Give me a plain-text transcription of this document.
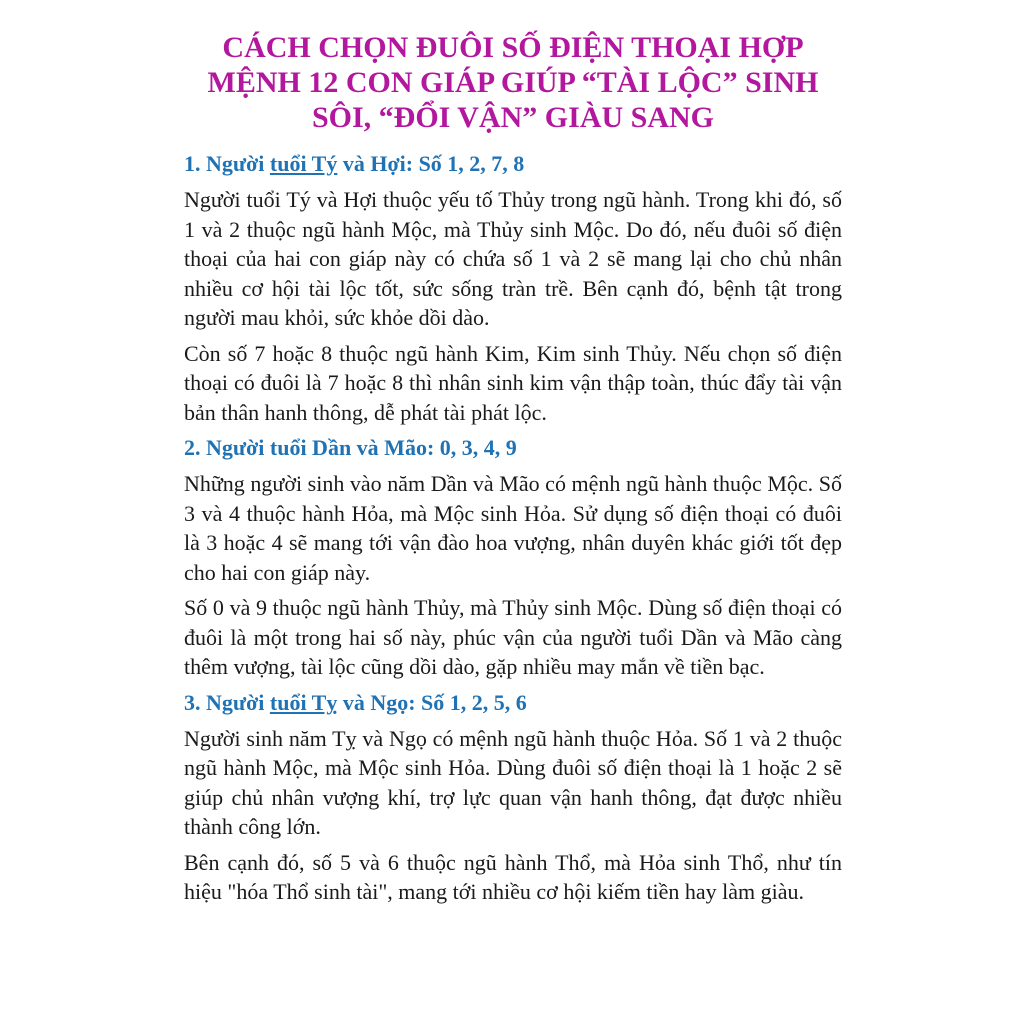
CÁCH CHỌN ĐUÔI SỐ ĐIỆN THOẠI HỢP MỆNH 12 CON GIÁP GIÚP “TÀI LỘC” SINH SÔI, “ĐỔI VẬN” GIÀU SANG
1. Người tuổi Tý và Hợi: Số 1, 2, 7, 8

Người tuổi Tý và Hợi thuộc yếu tố Thủy trong ngũ hành. Trong khi đó, số 1 và 2 thuộc ngũ hành Mộc, mà Thủy sinh Mộc. Do đó, nếu đuôi số điện thoại của hai con giáp này có chứa số 1 và 2 sẽ mang lại cho chủ nhân nhiều cơ hội tài lộc tốt, sức sống tràn trề. Bên cạnh đó, bệnh tật trong người mau khỏi, sức khỏe dồi dào.

Còn số 7 hoặc 8 thuộc ngũ hành Kim, Kim sinh Thủy. Nếu chọn số điện thoại có đuôi là 7 hoặc 8 thì nhân sinh kim vận thập toàn, thúc đẩy tài vận bản thân hanh thông, dễ phát tài phát lộc.

2. Người tuổi Dần và Mão: 0, 3, 4, 9

Những người sinh vào năm Dần và Mão có mệnh ngũ hành thuộc Mộc. Số 3 và 4 thuộc hành Hỏa, mà Mộc sinh Hỏa. Sử dụng số điện thoại có đuôi là 3 hoặc 4 sẽ mang tới vận đào hoa vượng, nhân duyên khác giới tốt đẹp cho hai con giáp này.

Số 0 và 9 thuộc ngũ hành Thủy, mà Thủy sinh Mộc. Dùng số điện thoại có đuôi là một trong hai số này, phúc vận của người tuổi Dần và Mão càng thêm vượng, tài lộc cũng dồi dào, gặp nhiều may mắn về tiền bạc.

3. Người tuổi Tỵ và Ngọ: Số 1, 2, 5, 6

Người sinh năm Tỵ và Ngọ có mệnh ngũ hành thuộc Hỏa. Số 1 và 2 thuộc ngũ hành Mộc, mà Mộc sinh Hỏa. Dùng đuôi số điện thoại là 1 hoặc 2 sẽ giúp chủ nhân vượng khí, trợ lực quan vận hanh thông, đạt được nhiều thành công lớn.

Bên cạnh đó, số 5 và 6 thuộc ngũ hành Thổ, mà Hỏa sinh Thổ, như tín hiệu "hóa Thổ sinh tài", mang tới nhiều cơ hội kiếm tiền hay làm giàu.
